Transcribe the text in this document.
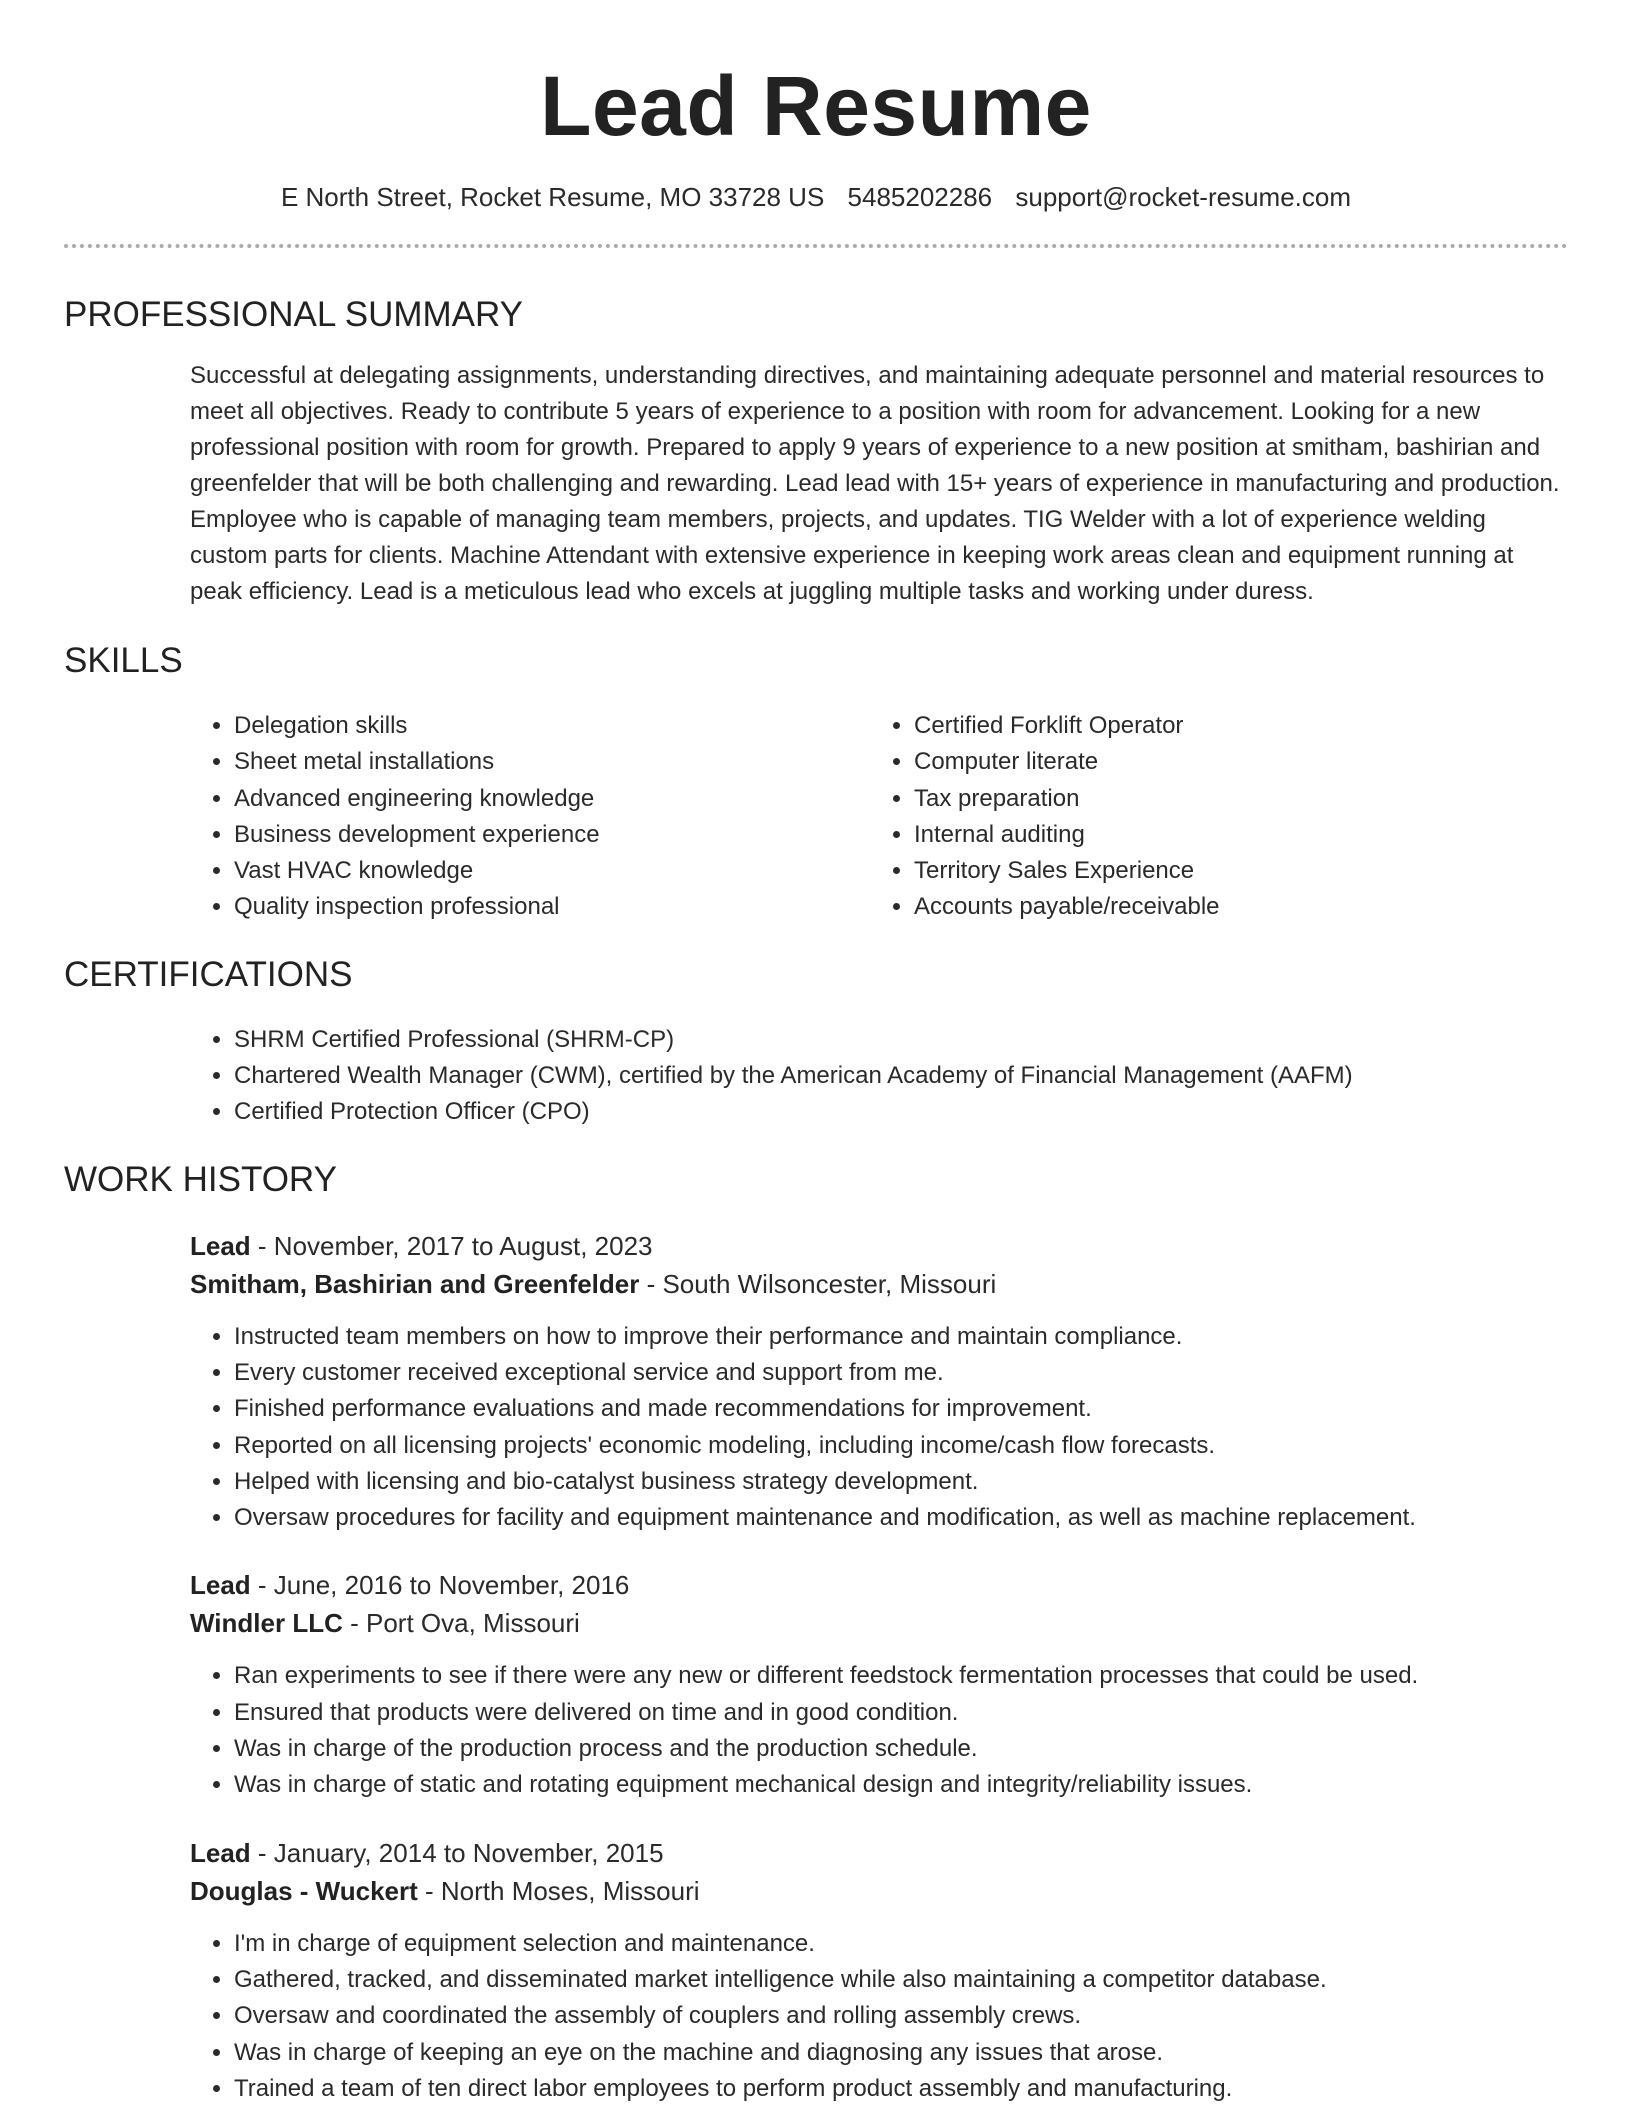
Lead Resume
E North Street, Rocket Resume, MO 33728 US 5485202286 support@rocket-resume.com
PROFESSIONAL SUMMARY
Successful at delegating assignments, understanding directives, and maintaining adequate personnel and material resources to meet all objectives. Ready to contribute 5 years of experience to a position with room for advancement. Looking for a new professional position with room for growth. Prepared to apply 9 years of experience to a new position at smitham, bashirian and greenfelder that will be both challenging and rewarding. Lead lead with 15+ years of experience in manufacturing and production. Employee who is capable of managing team members, projects, and updates. TIG Welder with a lot of experience welding custom parts for clients. Machine Attendant with extensive experience in keeping work areas clean and equipment running at peak efficiency. Lead is a meticulous lead who excels at juggling multiple tasks and working under duress.
SKILLS
• Delegation skills
• Sheet metal installations
• Advanced engineering knowledge
• Business development experience
• Vast HVAC knowledge
• Quality inspection professional
• Certified Forklift Operator
• Computer literate
• Tax preparation
• Internal auditing
• Territory Sales Experience
• Accounts payable/receivable
CERTIFICATIONS
• SHRM Certified Professional (SHRM-CP)
• Chartered Wealth Manager (CWM), certified by the American Academy of Financial Management (AAFM)
• Certified Protection Officer (CPO)
WORK HISTORY
Lead - November, 2017 to August, 2023
Smitham, Bashirian and Greenfelder - South Wilsoncester, Missouri
• Instructed team members on how to improve their performance and maintain compliance.
• Every customer received exceptional service and support from me.
• Finished performance evaluations and made recommendations for improvement.
• Reported on all licensing projects' economic modeling, including income/cash flow forecasts.
• Helped with licensing and bio-catalyst business strategy development.
• Oversaw procedures for facility and equipment maintenance and modification, as well as machine replacement.
Lead - June, 2016 to November, 2016
Windler LLC - Port Ova, Missouri
• Ran experiments to see if there were any new or different feedstock fermentation processes that could be used.
• Ensured that products were delivered on time and in good condition.
• Was in charge of the production process and the production schedule.
• Was in charge of static and rotating equipment mechanical design and integrity/reliability issues.
Lead - January, 2014 to November, 2015
Douglas - Wuckert - North Moses, Missouri
• I'm in charge of equipment selection and maintenance.
• Gathered, tracked, and disseminated market intelligence while also maintaining a competitor database.
• Oversaw and coordinated the assembly of couplers and rolling assembly crews.
• Was in charge of keeping an eye on the machine and diagnosing any issues that arose.
• Trained a team of ten direct labor employees to perform product assembly and manufacturing.
